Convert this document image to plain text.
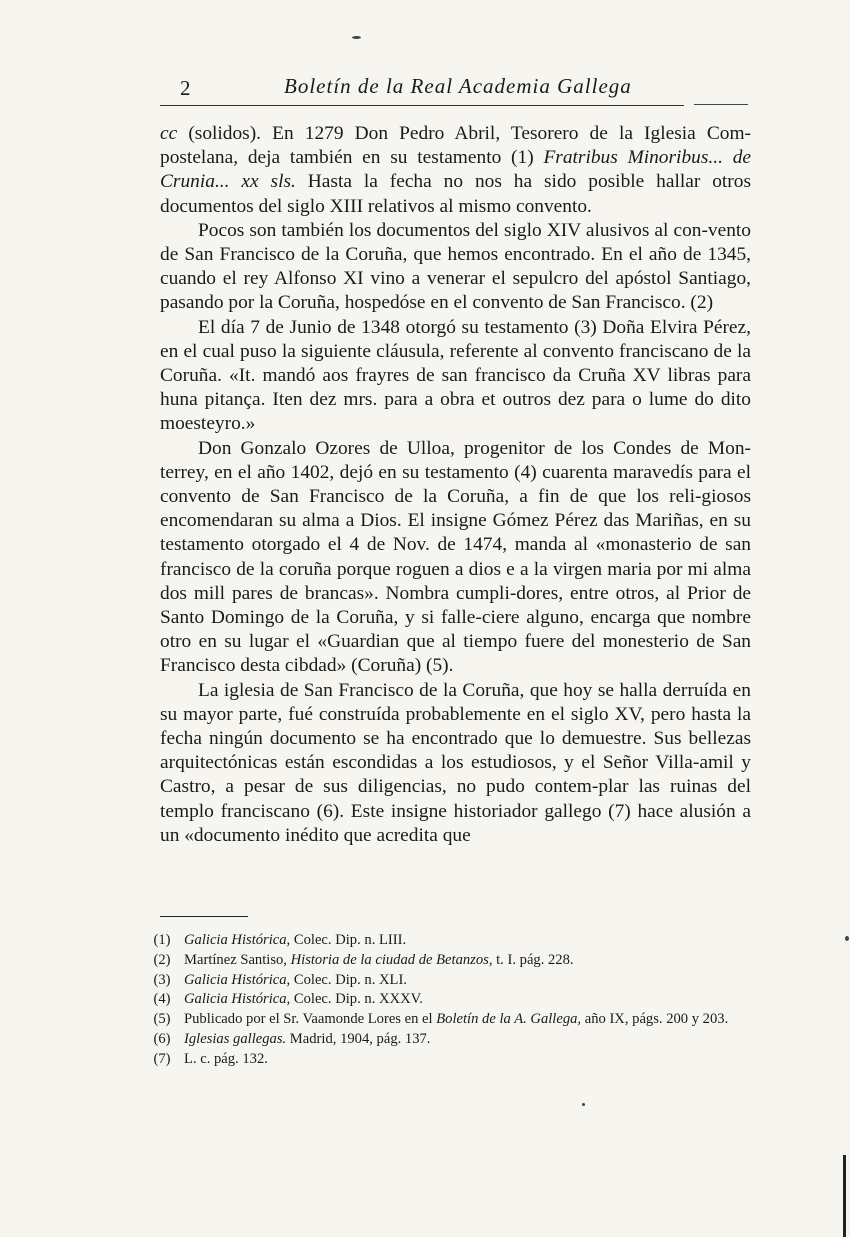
2	Boletín de la Real Academia Gallega

cc (solidos). En 1279 Don Pedro Abril, Tesorero de la Iglesia Com-postelana, deja también en su testamento (1) Fratribus Minoribus... de Crunia... xx sls. Hasta la fecha no nos ha sido posible hallar otros documentos del siglo XIII relativos al mismo convento.

Pocos son también los documentos del siglo XIV alusivos al con-vento de San Francisco de la Coruña, que hemos encontrado. En el año de 1345, cuando el rey Alfonso XI vino a venerar el sepulcro del apóstol Santiago, pasando por la Coruña, hospedóse en el convento de San Francisco. (2)

El día 7 de Junio de 1348 otorgó su testamento (3) Doña Elvira Pérez, en el cual puso la siguiente cláusula, referente al convento franciscano de la Coruña. «It. mandó aos frayres de san francisco da Cruña XV libras para huna pitança. Iten dez mrs. para a obra et outros dez para o lume do dito moesteyro.»

Don Gonzalo Ozores de Ulloa, progenitor de los Condes de Mon-terrey, en el año 1402, dejó en su testamento (4) cuarenta maravedís para el convento de San Francisco de la Coruña, a fin de que los reli-giosos encomendaran su alma a Dios. El insigne Gómez Pérez das Mariñas, en su testamento otorgado el 4 de Nov. de 1474, manda al «monasterio de san francisco de la coruña porque roguen a dios e a la virgen maria por mi alma dos mill pares de brancas». Nombra cumpli-dores, entre otros, al Prior de Santo Domingo de la Coruña, y si falle-ciere alguno, encarga que nombre otro en su lugar el «Guardian que al tiempo fuere del monesterio de San Francisco desta cibdad» (Coruña) (5).

La iglesia de San Francisco de la Coruña, que hoy se halla derruída en su mayor parte, fué construída probablemente en el siglo XV, pero hasta la fecha ningún documento se ha encontrado que lo demuestre. Sus bellezas arquitectónicas están escondidas a los estudiosos, y el Señor Villa-amil y Castro, a pesar de sus diligencias, no pudo contem-plar las ruinas del templo franciscano (6). Este insigne historiador gallego (7) hace alusión a un «documento inédito que acredita que

(1) Galicia Histórica, Colec. Dip. n. LIII.

(2) Martínez Santiso, Historia de la ciudad de Betanzos, t. I. pág. 228.

(3) Galicia Histórica, Colec. Dip. n. XLI.

(4) Galicia Histórica, Colec. Dip. n. XXXV.

(5) Publicado por el Sr. Vaamonde Lores en el Boletín de la A. Gallega, año IX, págs. 200 y 203.

(6) Iglesias gallegas. Madrid, 1904, pág. 137.

(7) L. c. pág. 132.
